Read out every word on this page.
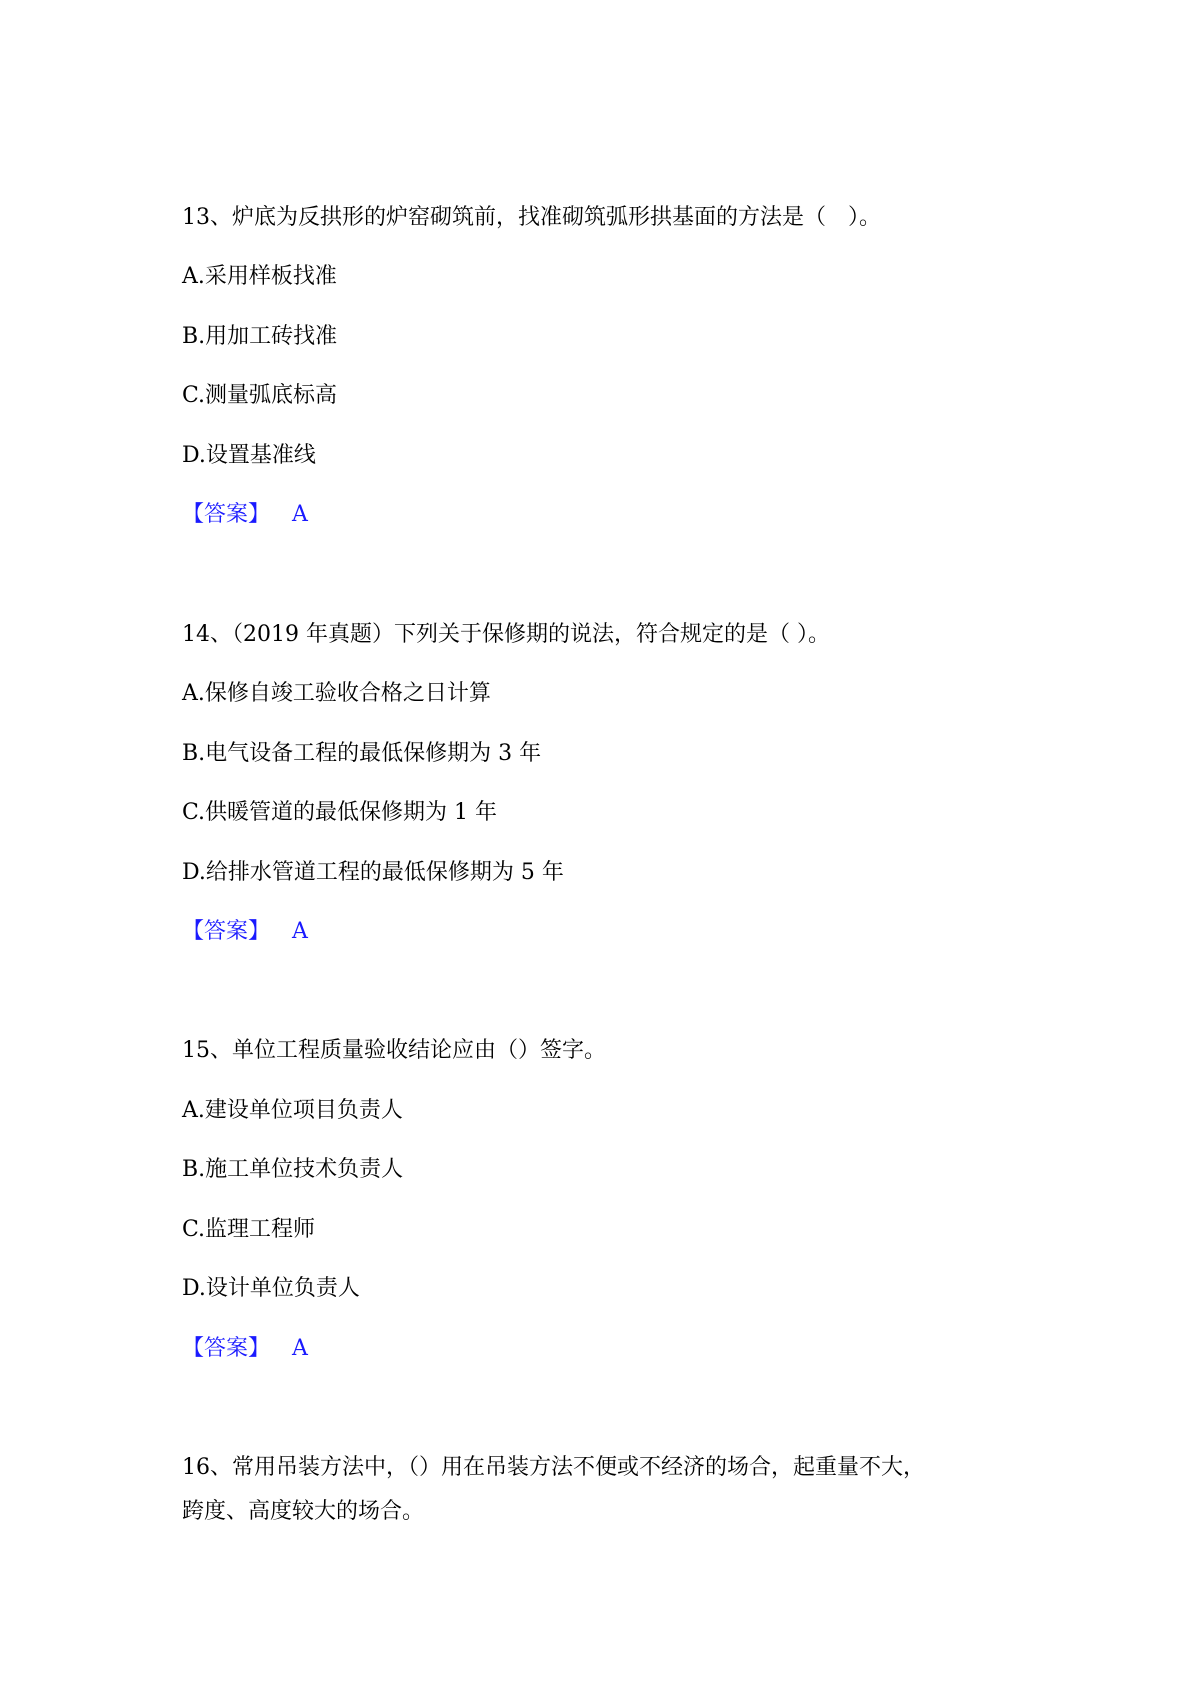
13、炉底为反拱形的炉窑砌筑前，找准砌筑弧形拱基面的方法是（　）。
A.采用样板找准
B.用加工砖找准
C.测量弧底标高
D.设置基准线
【答案】 A
14、（2019 年真题）下列关于保修期的说法，符合规定的是（ ）。
A.保修自竣工验收合格之日计算
B.电气设备工程的最低保修期为 3 年
C.供暖管道的最低保修期为 1 年
D.给排水管道工程的最低保修期为 5 年
【答案】 A
15、单位工程质量验收结论应由（）签字。
A.建设单位项目负责人
B.施工单位技术负责人
C.监理工程师
D.设计单位负责人
【答案】 A
16、常用吊装方法中，（）用在吊装方法不便或不经济的场合，起重量不大，
跨度、高度较大的场合。
